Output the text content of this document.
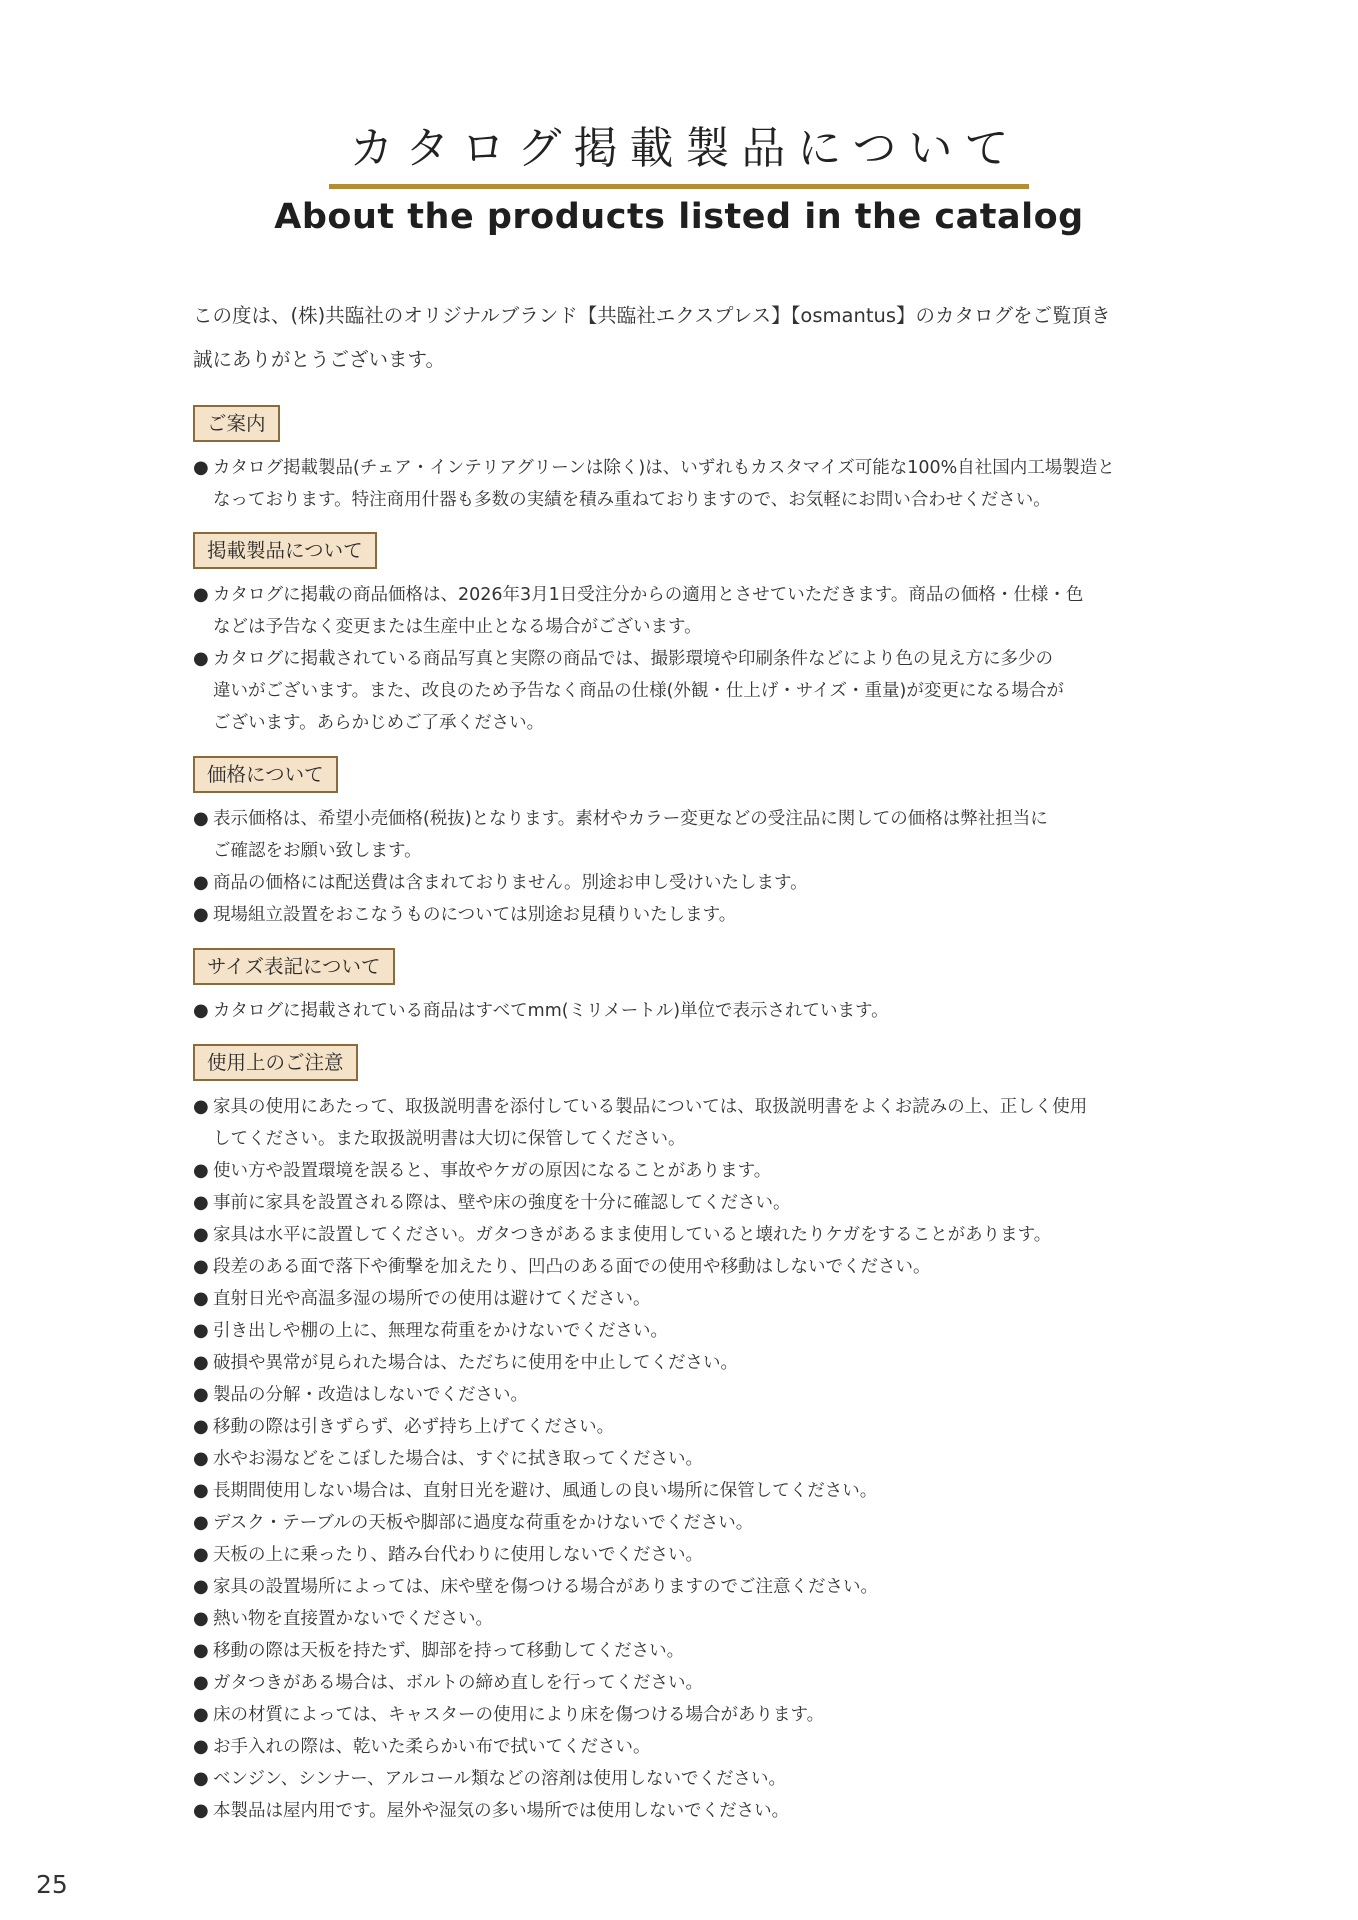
カタログ掲載製品について
About the products listed in the catalog
この度は、(株)共臨社のオリジナルブランド【共臨社エクスプレス】【osmantus】のカタログをご覧頂き
誠にありがとうございます。
ご案内
● カタログ掲載製品(チェア・インテリアグリーンは除く)は、いずれもカスタマイズ可能な100%自社国内工場製造と
なっております。特注商用什器も多数の実績を積み重ねておりますので、お気軽にお問い合わせください。
掲載製品について
● カタログに掲載の商品価格は、2026年3月1日受注分からの適用とさせていただきます。商品の価格・仕様・色
などは予告なく変更または生産中止となる場合がございます。
● カタログに掲載されている商品写真と実際の商品では、撮影環境や印刷条件などにより色の見え方に多少の
違いがございます。また、改良のため予告なく商品の仕様(外観・仕上げ・サイズ・重量)が変更になる場合が
ございます。あらかじめご了承ください。
価格について
● 表示価格は、希望小売価格(税抜)となります。素材やカラー変更などの受注品に関しての価格は弊社担当に
ご確認をお願い致します。
● 商品の価格には配送費は含まれておりません。別途お申し受けいたします。
● 現場組立設置をおこなうものについては別途お見積りいたします。
サイズ表記について
● カタログに掲載されている商品はすべてmm(ミリメートル)単位で表示されています。
使用上のご注意
● 家具の使用にあたって、取扱説明書を添付している製品については、取扱説明書をよくお読みの上、正しく使用
してください。また取扱説明書は大切に保管してください。
● 使い方や設置環境を誤ると、事故やケガの原因になることがあります。
● 事前に家具を設置される際は、壁や床の強度を十分に確認してください。
● 家具は水平に設置してください。ガタつきがあるまま使用していると壊れたりケガをすることがあります。
● 段差のある面で落下や衝撃を加えたり、凹凸のある面での使用や移動はしないでください。
● 直射日光や高温多湿の場所での使用は避けてください。
● 引き出しや棚の上に、無理な荷重をかけないでください。
● 破損や異常が見られた場合は、ただちに使用を中止してください。
● 製品の分解・改造はしないでください。
● 移動の際は引きずらず、必ず持ち上げてください。
● 水やお湯などをこぼした場合は、すぐに拭き取ってください。
● 長期間使用しない場合は、直射日光を避け、風通しの良い場所に保管してください。
● デスク・テーブルの天板や脚部に過度な荷重をかけないでください。
● 天板の上に乗ったり、踏み台代わりに使用しないでください。
● 家具の設置場所によっては、床や壁を傷つける場合がありますのでご注意ください。
● 熱い物を直接置かないでください。
● 移動の際は天板を持たず、脚部を持って移動してください。
● ガタつきがある場合は、ボルトの締め直しを行ってください。
● 床の材質によっては、キャスターの使用により床を傷つける場合があります。
● お手入れの際は、乾いた柔らかい布で拭いてください。
● ベンジン、シンナー、アルコール類などの溶剤は使用しないでください。
● 本製品は屋内用です。屋外や湿気の多い場所では使用しないでください。
25
